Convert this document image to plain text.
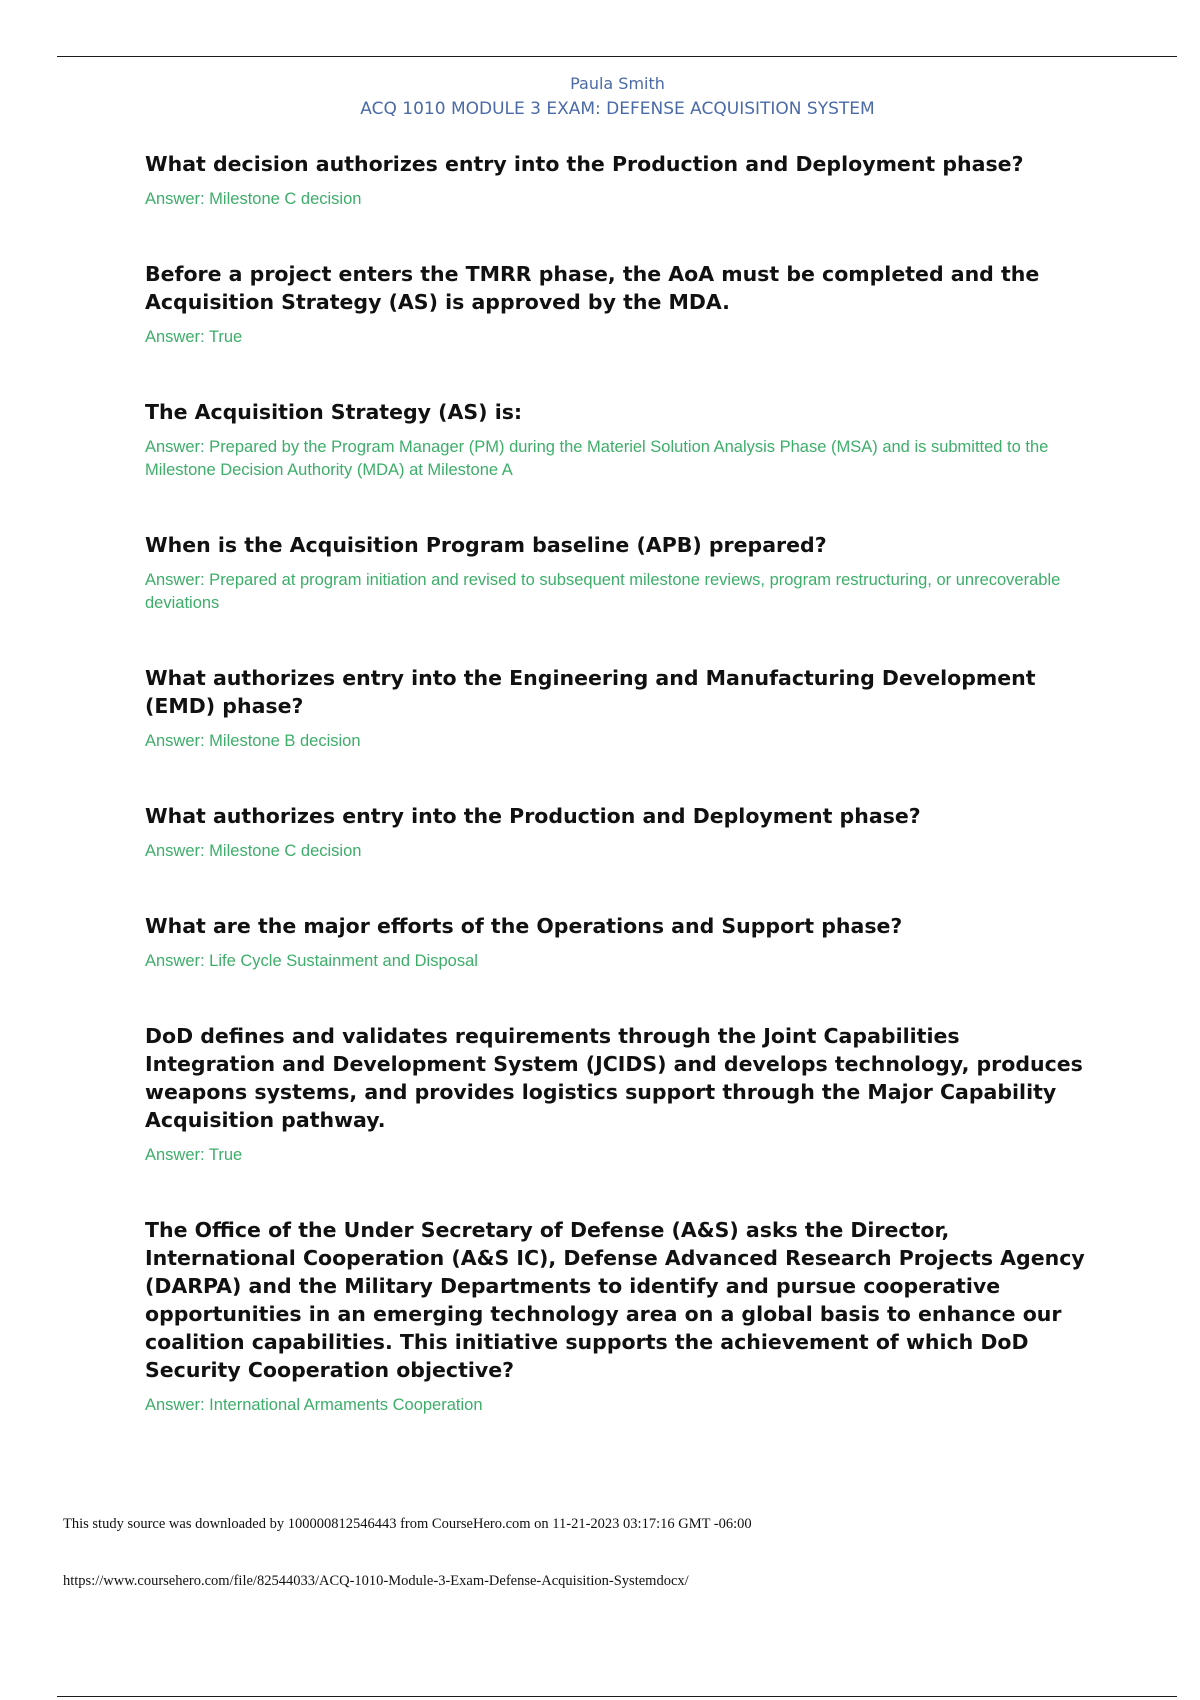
Paula Smith
ACQ 1010 MODULE 3 EXAM: DEFENSE ACQUISITION SYSTEM

What decision authorizes entry into the Production and Deployment phase?

Answer: Milestone C decision

Before a project enters the TMRR phase, the AoA must be completed and the Acquisition Strategy (AS) is approved by the MDA.

Answer: True

The Acquisition Strategy (AS) is:

Answer: Prepared by the Program Manager (PM) during the Materiel Solution Analysis Phase (MSA) and is submitted to the Milestone Decision Authority (MDA) at Milestone A

When is the Acquisition Program baseline (APB) prepared?

Answer: Prepared at program initiation and revised to subsequent milestone reviews, program restructuring, or unrecoverable deviations

What authorizes entry into the Engineering and Manufacturing Development (EMD) phase?

Answer: Milestone B decision

What authorizes entry into the Production and Deployment phase?

Answer: Milestone C decision

What are the major efforts of the Operations and Support phase?

Answer: Life Cycle Sustainment and Disposal

DoD defines and validates requirements through the Joint Capabilities Integration and Development System (JCIDS) and develops technology, produces weapons systems, and provides logistics support through the Major Capability Acquisition pathway.

Answer: True

The Office of the Under Secretary of Defense (A&S) asks the Director, International Cooperation (A&S IC), Defense Advanced Research Projects Agency (DARPA) and the Military Departments to identify and pursue cooperative opportunities in an emerging technology area on a global basis to enhance our coalition capabilities. This initiative supports the achievement of which DoD Security Cooperation objective?

Answer: International Armaments Cooperation

This study source was downloaded by 100000812546443 from CourseHero.com on 11-21-2023 03:17:16 GMT -06:00
https://www.coursehero.com/file/82544033/ACQ-1010-Module-3-Exam-Defense-Acquisition-Systemdocx/
